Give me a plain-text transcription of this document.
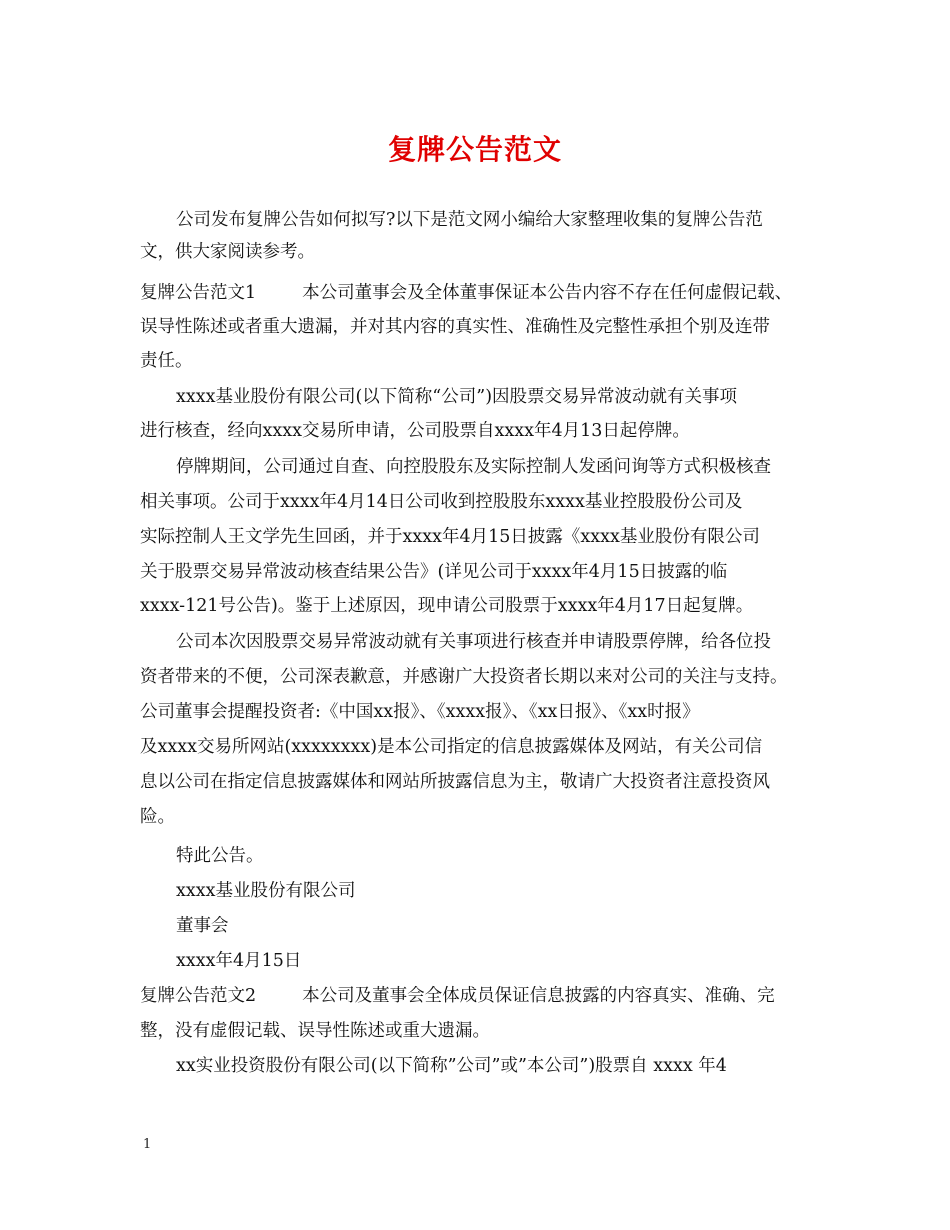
复牌公告范文
公司发布复牌公告如何拟写?以下是范文网小编给大家整理收集的复牌公告范
文，供大家阅读参考。
复牌公告范文1	本公司董事会及全体董事保证本公告内容不存在任何虚假记载、
误导性陈述或者重大遗漏，并对其内容的真实性、准确性及完整性承担个别及连带
责任。
xxxx基业股份有限公司(以下简称“公司”)因股票交易异常波动就有关事项
进行核查，经向xxxx交易所申请，公司股票自xxxx年4月13日起停牌。
停牌期间，公司通过自查、向控股股东及实际控制人发函问询等方式积极核查
相关事项。公司于xxxx年4月14日公司收到控股股东xxxx基业控股股份公司及
实际控制人王文学先生回函，并于xxxx年4月15日披露《xxxx基业股份有限公司
关于股票交易异常波动核查结果公告》(详见公司于xxxx年4月15日披露的临
xxxx-121号公告)。鉴于上述原因，现申请公司股票于xxxx年4月17日起复牌。
公司本次因股票交易异常波动就有关事项进行核查并申请股票停牌，给各位投
资者带来的不便，公司深表歉意，并感谢广大投资者长期以来对公司的关注与支持。
公司董事会提醒投资者:《中国xx报》、《xxxx报》、《xx日报》、《xx时报》
及xxxx交易所网站(xxxxxxxx)是本公司指定的信息披露媒体及网站，有关公司信
息以公司在指定信息披露媒体和网站所披露信息为主，敬请广大投资者注意投资风
险。
特此公告。
xxxx基业股份有限公司
董事会
xxxx年4月15日
复牌公告范文2	本公司及董事会全体成员保证信息披露的内容真实、准确、完
整，没有虚假记载、误导性陈述或重大遗漏。
xx实业投资股份有限公司(以下简称”公司”或”本公司”)股票自 xxxx 年4
1
